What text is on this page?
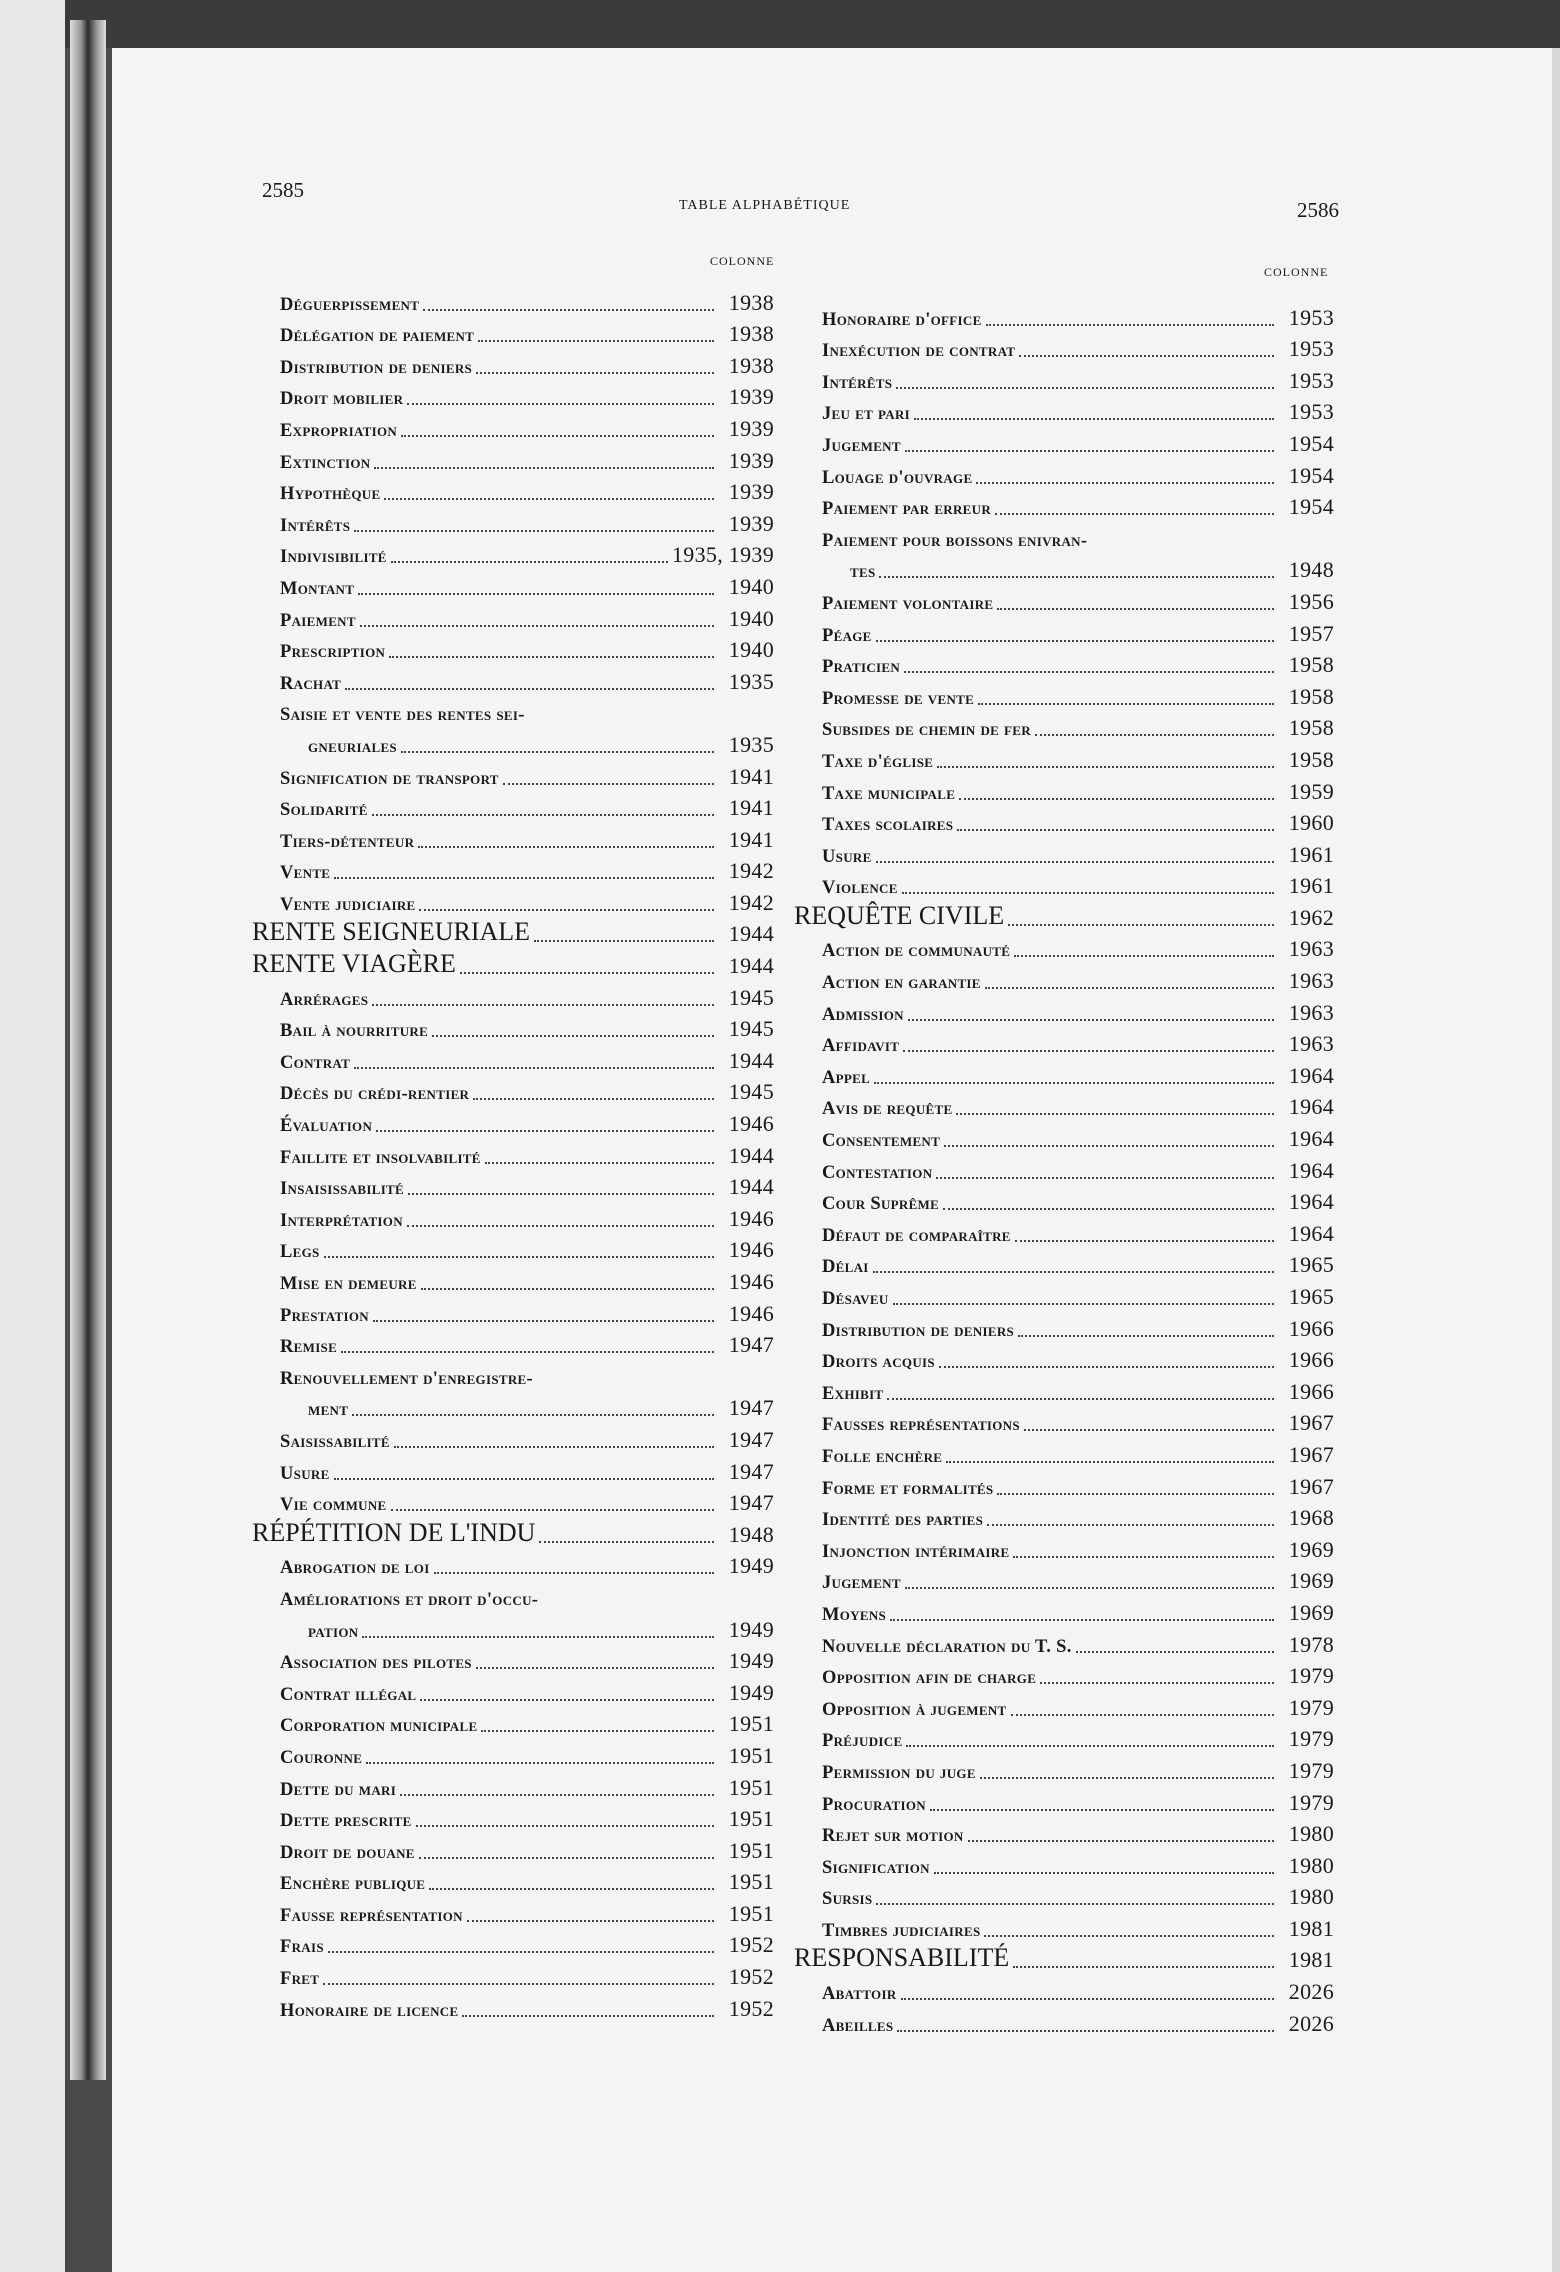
2585
TABLE ALPHABÉTIQUE	2586
COLONNE
COLONNE
Déguerpissement	1938
Délégation de paiement	1938
Distribution de deniers	1938
Droit mobilier	1939
Expropriation	1939
Extinction	1939
Hypothèque	1939
Intérêts	1939
Indivisibilité	1935, 1939
Montant	1940
Paiement	1940
Prescription	1940
Rachat	1935
Saisie et vente des rentes sei-
gneuriales	1935
Signification de transport	1941
Solidarité	1941
Tiers-détenteur	1941
Vente	1942
Vente judiciaire	1942
RENTE SEIGNEURIALE	1944
RENTE VIAGÈRE	1944
Arrérages	1945
Bail à nourriture	1945
Contrat	1944
Décès du crédi-rentier	1945
Évaluation	1946
Faillite et insolvabilité	1944
Insaisissabilité	1944
Interprétation	1946
Legs	1946
Mise en demeure	1946
Prestation	1946
Remise	1947
Renouvellement d'enregistre-
ment	1947
Saisissabilité	1947
Usure	1947
Vie commune	1947
RÉPÉTITION DE L'INDU	1948
Abrogation de loi	1949
Améliorations et droit d'occu-
pation	1949
Association des pilotes	1949
Contrat illégal	1949
Corporation municipale	1951
Couronne	1951
Dette du mari	1951
Dette prescrite	1951
Droit de douane	1951
Enchère publique	1951
Fausse représentation	1951
Frais	1952
Fret	1952
Honoraire de licence	1952
Honoraire d'office	1953
Inexécution de contrat	1953
Intérêts	1953
Jeu et pari	1953
Jugement	1954
Louage d'ouvrage	1954
Paiement par erreur	1954
Paiement pour boissons enivran-
tes	1948
Paiement volontaire	1956
Péage	1957
Praticien	1958
Promesse de vente	1958
Subsides de chemin de fer	1958
Taxe d'église	1958
Taxe municipale	1959
Taxes scolaires	1960
Usure	1961
Violence	1961
REQUÊTE CIVILE	1962
Action de communauté	1963
Action en garantie	1963
Admission	1963
Affidavit	1963
Appel	1964
Avis de requête	1964
Consentement	1964
Contestation	1964
Cour Suprême	1964
Défaut de comparaître	1964
Délai	1965
Désaveu	1965
Distribution de deniers	1966
Droits acquis	1966
Exhibit	1966
Fausses représentations	1967
Folle enchère	1967
Forme et formalités	1967
Identité des parties	1968
Injonction intérimaire	1969
Jugement	1969
Moyens	1969
Nouvelle déclaration du T. S.	1978
Opposition afin de charge	1979
Opposition à jugement	1979
Préjudice	1979
Permission du juge	1979
Procuration	1979
Rejet sur motion	1980
Signification	1980
Sursis	1980
Timbres judiciaires	1981
RESPONSABILITÉ	1981
Abattoir	2026
Abeilles	2026
